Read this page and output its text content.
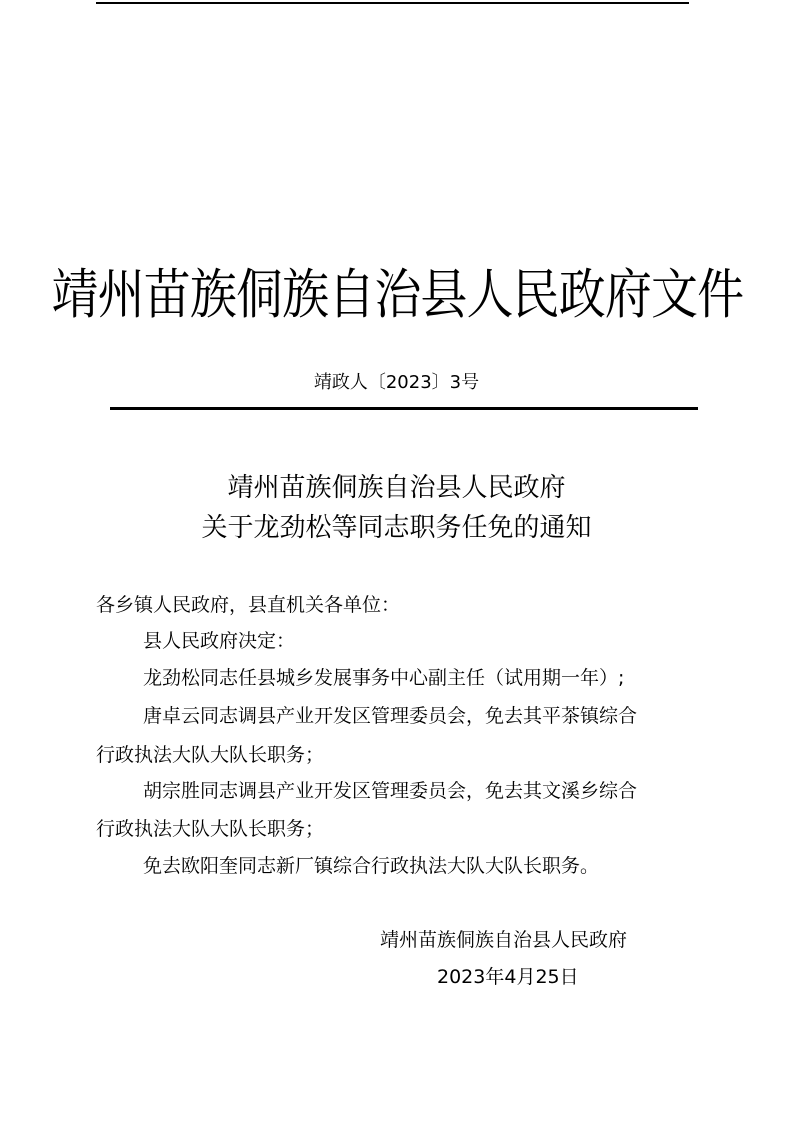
靖州苗族侗族自治县人民政府文件
靖政人〔2023〕3号
靖州苗族侗族自治县人民政府
关于龙劲松等同志职务任免的通知
各乡镇人民政府，县直机关各单位：
县人民政府决定：
龙劲松同志任县城乡发展事务中心副主任（试用期一年）;
唐卓云同志调县产业开发区管理委员会，免去其平茶镇综合
行政执法大队大队长职务；
胡宗胜同志调县产业开发区管理委员会，免去其文溪乡综合
行政执法大队大队长职务；
免去欧阳奎同志新厂镇综合行政执法大队大队长职务。
靖州苗族侗族自治县人民政府
2023年4月25日
